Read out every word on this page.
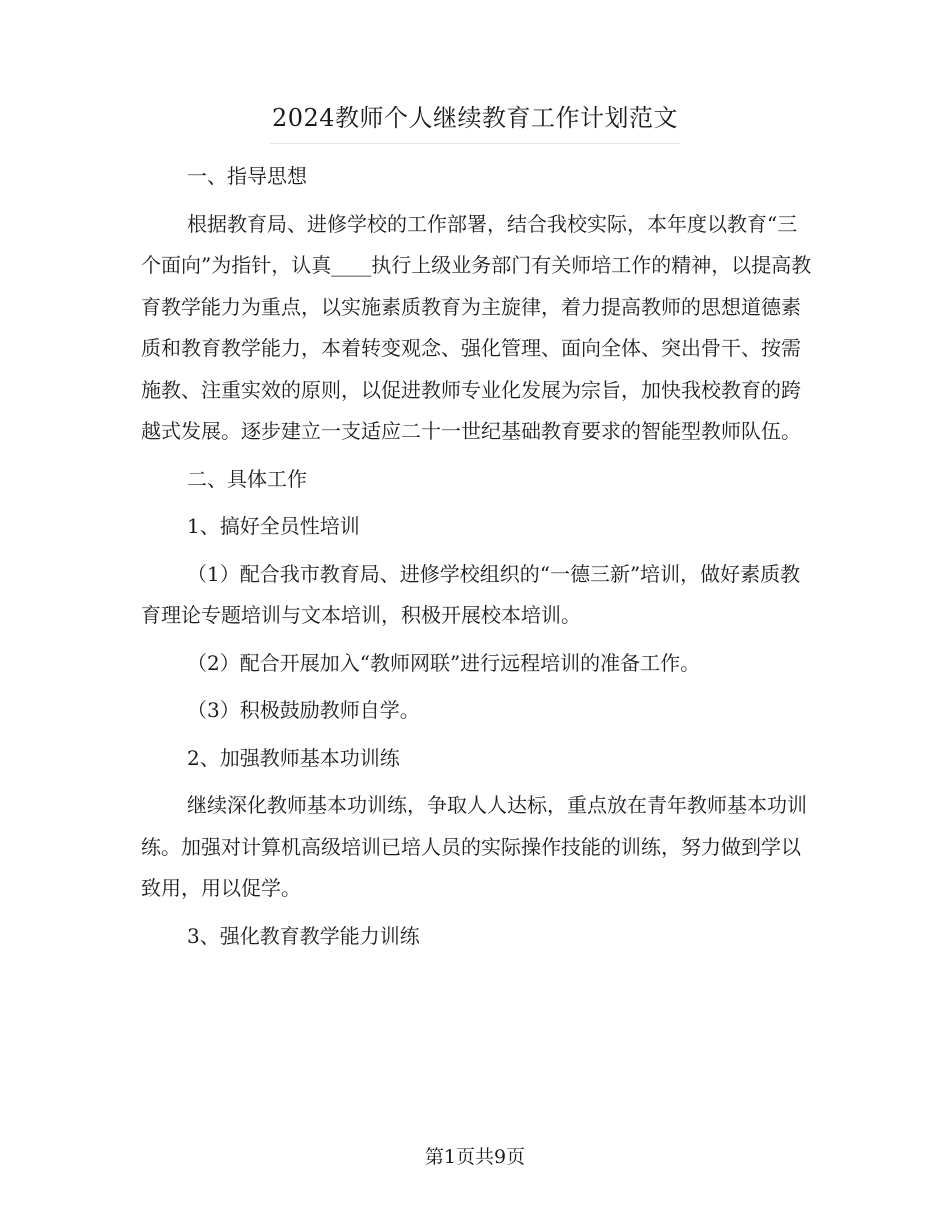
2024教师个人继续教育工作计划范文

一、指导思想

根据教育局、进修学校的工作部署，结合我校实际，本年度以教育“三个面向”为指针，认真____执行上级业务部门有关师培工作的精神，以提高教育教学能力为重点，以实施素质教育为主旋律，着力提高教师的思想道德素质和教育教学能力，本着转变观念、强化管理、面向全体、突出骨干、按需施教、注重实效的原则，以促进教师专业化发展为宗旨，加快我校教育的跨越式发展。逐步建立一支适应二十一世纪基础教育要求的智能型教师队伍。

二、具体工作

1、搞好全员性培训

（1）配合我市教育局、进修学校组织的“一德三新”培训，做好素质教育理论专题培训与文本培训，积极开展校本培训。

（2）配合开展加入“教师网联”进行远程培训的准备工作。

（3）积极鼓励教师自学。

2、加强教师基本功训练

继续深化教师基本功训练，争取人人达标，重点放在青年教师基本功训练。加强对计算机高级培训已培人员的实际操作技能的训练，努力做到学以致用，用以促学。

3、强化教育教学能力训练

第1页共9页
